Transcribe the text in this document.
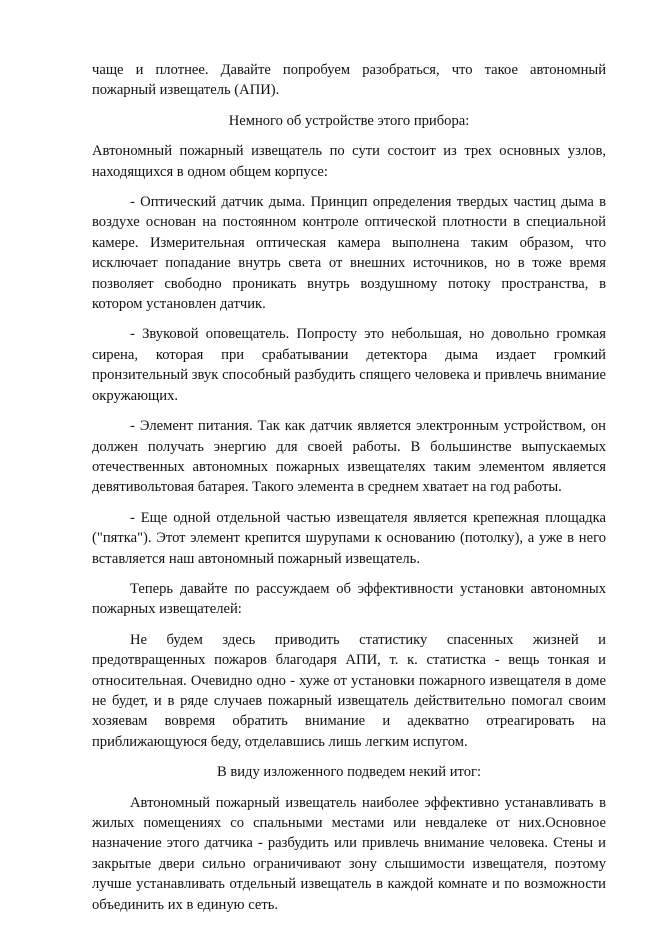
чаще и плотнее. Давайте попробуем разобраться, что такое автономный пожарный извещатель (АПИ).

Немного об устройстве этого прибора:

Автономный пожарный извещатель по сути состоит из трех основных узлов, находящихся в одном общем корпусе:

- Оптический датчик дыма. Принцип определения твердых частиц дыма в воздухе основан на постоянном контроле оптической плотности в специальной камере. Измерительная оптическая камера выполнена таким образом, что исключает попадание внутрь света от внешних источников, но в тоже время позволяет свободно проникать внутрь воздушному потоку пространства, в котором установлен датчик.

- Звуковой оповещатель. Попросту это небольшая, но довольно громкая сирена, которая при срабатывании детектора дыма издает громкий пронзительный звук способный разбудить спящего человека и привлечь внимание окружающих.

- Элемент питания. Так как датчик является электронным устройством, он должен получать энергию для своей работы. В большинстве выпускаемых отечественных автономных пожарных извещателях таким элементом является девятивольтовая батарея. Такого элемента в среднем хватает на год работы.

- Еще одной отдельной частью извещателя является крепежная площадка ("пятка"). Этот элемент крепится шурупами к основанию (потолку), а уже в него вставляется наш автономный пожарный извещатель.

Теперь давайте по рассуждаем об эффективности установки автономных пожарных извещателей:

Не будем здесь приводить статистику спасенных жизней и предотвращенных пожаров благодаря АПИ, т. к. статистка - вещь тонкая и относительная. Очевидно одно - хуже от установки пожарного извещателя в доме не будет, и в ряде случаев пожарный извещатель действительно помогал своим хозяевам вовремя обратить внимание и адекватно отреагировать на приближающуюся беду, отделавшись лишь легким испугом.

В виду изложенного подведем некий итог:

Автономный пожарный извещатель наиболее эффективно устанавливать в жилых помещениях со спальными местами или невдалеке от них.Основное назначение этого датчика - разбудить или привлечь внимание человека. Стены и закрытые двери сильно ограничивают зону слышимости извещателя, поэтому лучше устанавливать отдельный извещатель в каждой комнате и по возможности объединить их в единую сеть.
